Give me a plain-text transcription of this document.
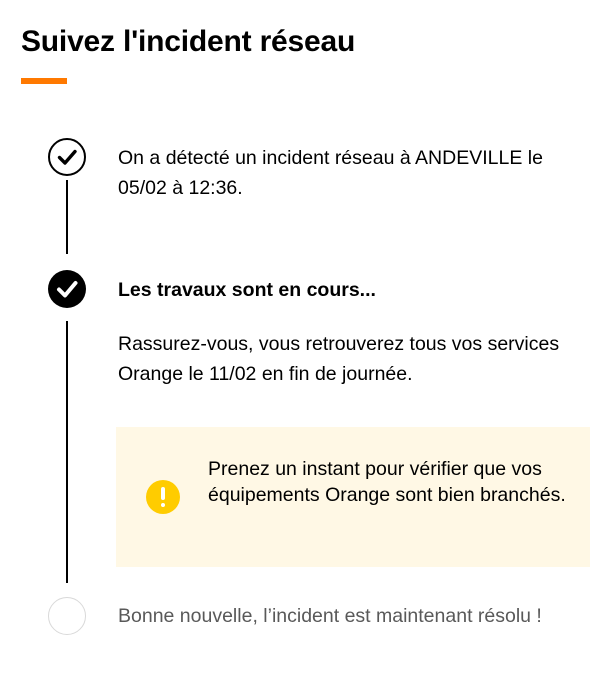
Suivez l'incident réseau
On a détecté un incident réseau à ANDEVILLE le 05/02 à 12:36.
Les travaux sont en cours...
Rassurez-vous, vous retrouverez tous vos services Orange le 11/02 en fin de journée.
Prenez un instant pour vérifier que vos équipements Orange sont bien branchés.
Bonne nouvelle, l’incident est maintenant résolu !
